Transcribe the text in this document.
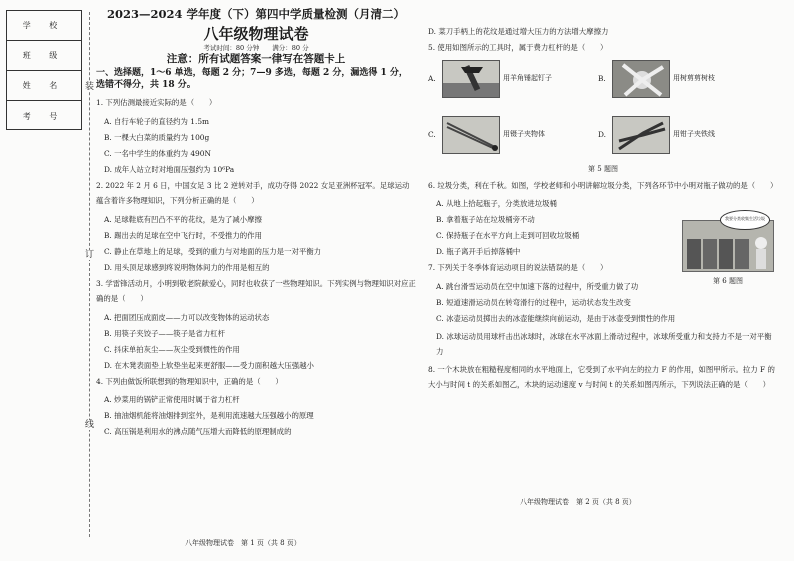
学 校
班 级
姓 名
考 号
装
订
线
2023—2024 学年度（下）第四中学质量检测（月清二）
八年级物理试卷
考试时间：80 分钟　　满分：80 分
注意：所有试题答案一律写在答题卡上
一、选择题，1～6 单选，每题 2 分；7—9 多选，每题 2 分，漏选得 1 分，选错不得分，共 18 分。
1. 下列估测最接近实际的是（　　）
A. 自行车轮子的直径约为 1.5m
B. 一棵大白菜的质量约为 100g
C. 一名中学生的体重约为 490N
D. 成年人站立时对地面压强约为 10⁶Pa
2. 2022 年 2 月 6 日，中国女足 3 比 2 逆转对手，成功夺得 2022 女足亚洲杯冠军。足球运动蕴含着许多物理知识，下列分析正确的是（　　）
A. 足球鞋底有凹凸不平的花纹，是为了减小摩擦
B. 踢出去的足球在空中飞行时，不受推力的作用
C. 静止在草地上的足球，受到的重力与对地面的压力是一对平衡力
D. 用头顶足球感到疼说明物体间力的作用是相互的
3. 学雷锋活动月，小明到敬老院献爱心，同时也收获了一些物理知识。下列实例与物理知识对应正确的是（　　）
A. 把面团压成面皮——力可以改变物体的运动状态
B. 用筷子夹饺子——筷子是省力杠杆
C. 抖床单拍灰尘——灰尘受到惯性的作用
D. 在木凳表面垫上软垫坐起来更舒服——受力面积越大压强越小
4. 下列由做饭所联想到的物理知识中，正确的是（　　）
A. 炒菜用的锅铲正常使用时属于省力杠杆
B. 抽油烟机能将油烟排到室外，是利用流速越大压强越小的原理
C. 高压锅是利用水的沸点随气压增大而降低的原理制成的
八年级物理试卷　第 1 页（共 8 页）
D. 菜刀手柄上的花纹是通过增大压力的方法增大摩擦力
5. 使用如图所示的工具时，属于费力杠杆的是（　　）
A.	用羊角锤起钉子	B.	用树剪剪树枝
C.	用镊子夹物体	D.	用钳子夹铁线
第 5 题图
6. 垃圾分类，利在千秋。如图，学校老师和小明讲解垃圾分类，下列各环节中小明对瓶子做功的是（　　）
A. 从地上拾起瓶子，分类放进垃圾桶
B. 拿着瓶子站在垃圾桶旁不动
C. 保持瓶子在水平方向上走到可回收垃圾桶
D. 瓶子离开手后掉落桶中
我要分类收集生活垃圾
第 6 题图
7. 下列关于冬季体育运动项目的说法错误的是（　　）
A. 跳台滑雪运动员在空中加速下落的过程中，所受重力做了功
B. 短道速滑运动员在转弯滑行的过程中，运动状态发生改变
C. 冰壶运动员掷出去的冰壶能继续向前运动，是由于冰壶受到惯性的作用
D. 冰球运动员用球杆击出冰球时，冰球在水平冰面上滑动过程中，冰球所受重力和支持力不是一对平衡力
8. 一个木块放在粗糙程度相同的水平地面上，它受到了水平向左的拉力 F 的作用，如图甲所示。拉力 F 的大小与时间 t 的关系如图乙，木块的运动速度 v 与时间 t 的关系如图丙所示，下列说法正确的是（　　）
八年级物理试卷　第 2 页（共 8 页）
